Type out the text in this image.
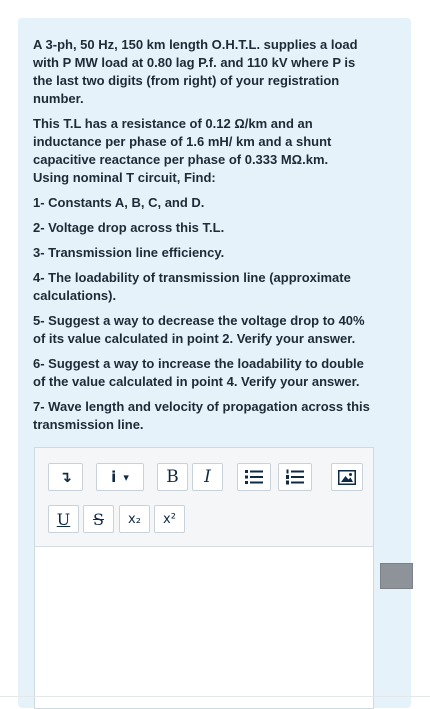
A 3-ph, 50 Hz, 150 km length O.H.T.L. supplies a load with P MW load at 0.80 lag P.f. and 110 kV where P is the last two digits (from right) of your registration number.

This T.L has a resistance of 0.12 Ω/km and an inductance per phase of 1.6 mH/ km and a shunt capacitive reactance per phase of 0.333 MΩ.km.

Using nominal T circuit, Find:

1- Constants A, B, C, and D.

2- Voltage drop across this T.L.

3- Transmission line efficiency.

4- The loadability of transmission line (approximate calculations).

5- Suggest a way to decrease the voltage drop to 40% of its value calculated in point 2. Verify your answer.

6- Suggest a way to increase the loadability to double of the value calculated in point 4. Verify your answer.

7- Wave length and velocity of propagation across this transmission line.

↴	i ▾ B I
U S x₂ x²
